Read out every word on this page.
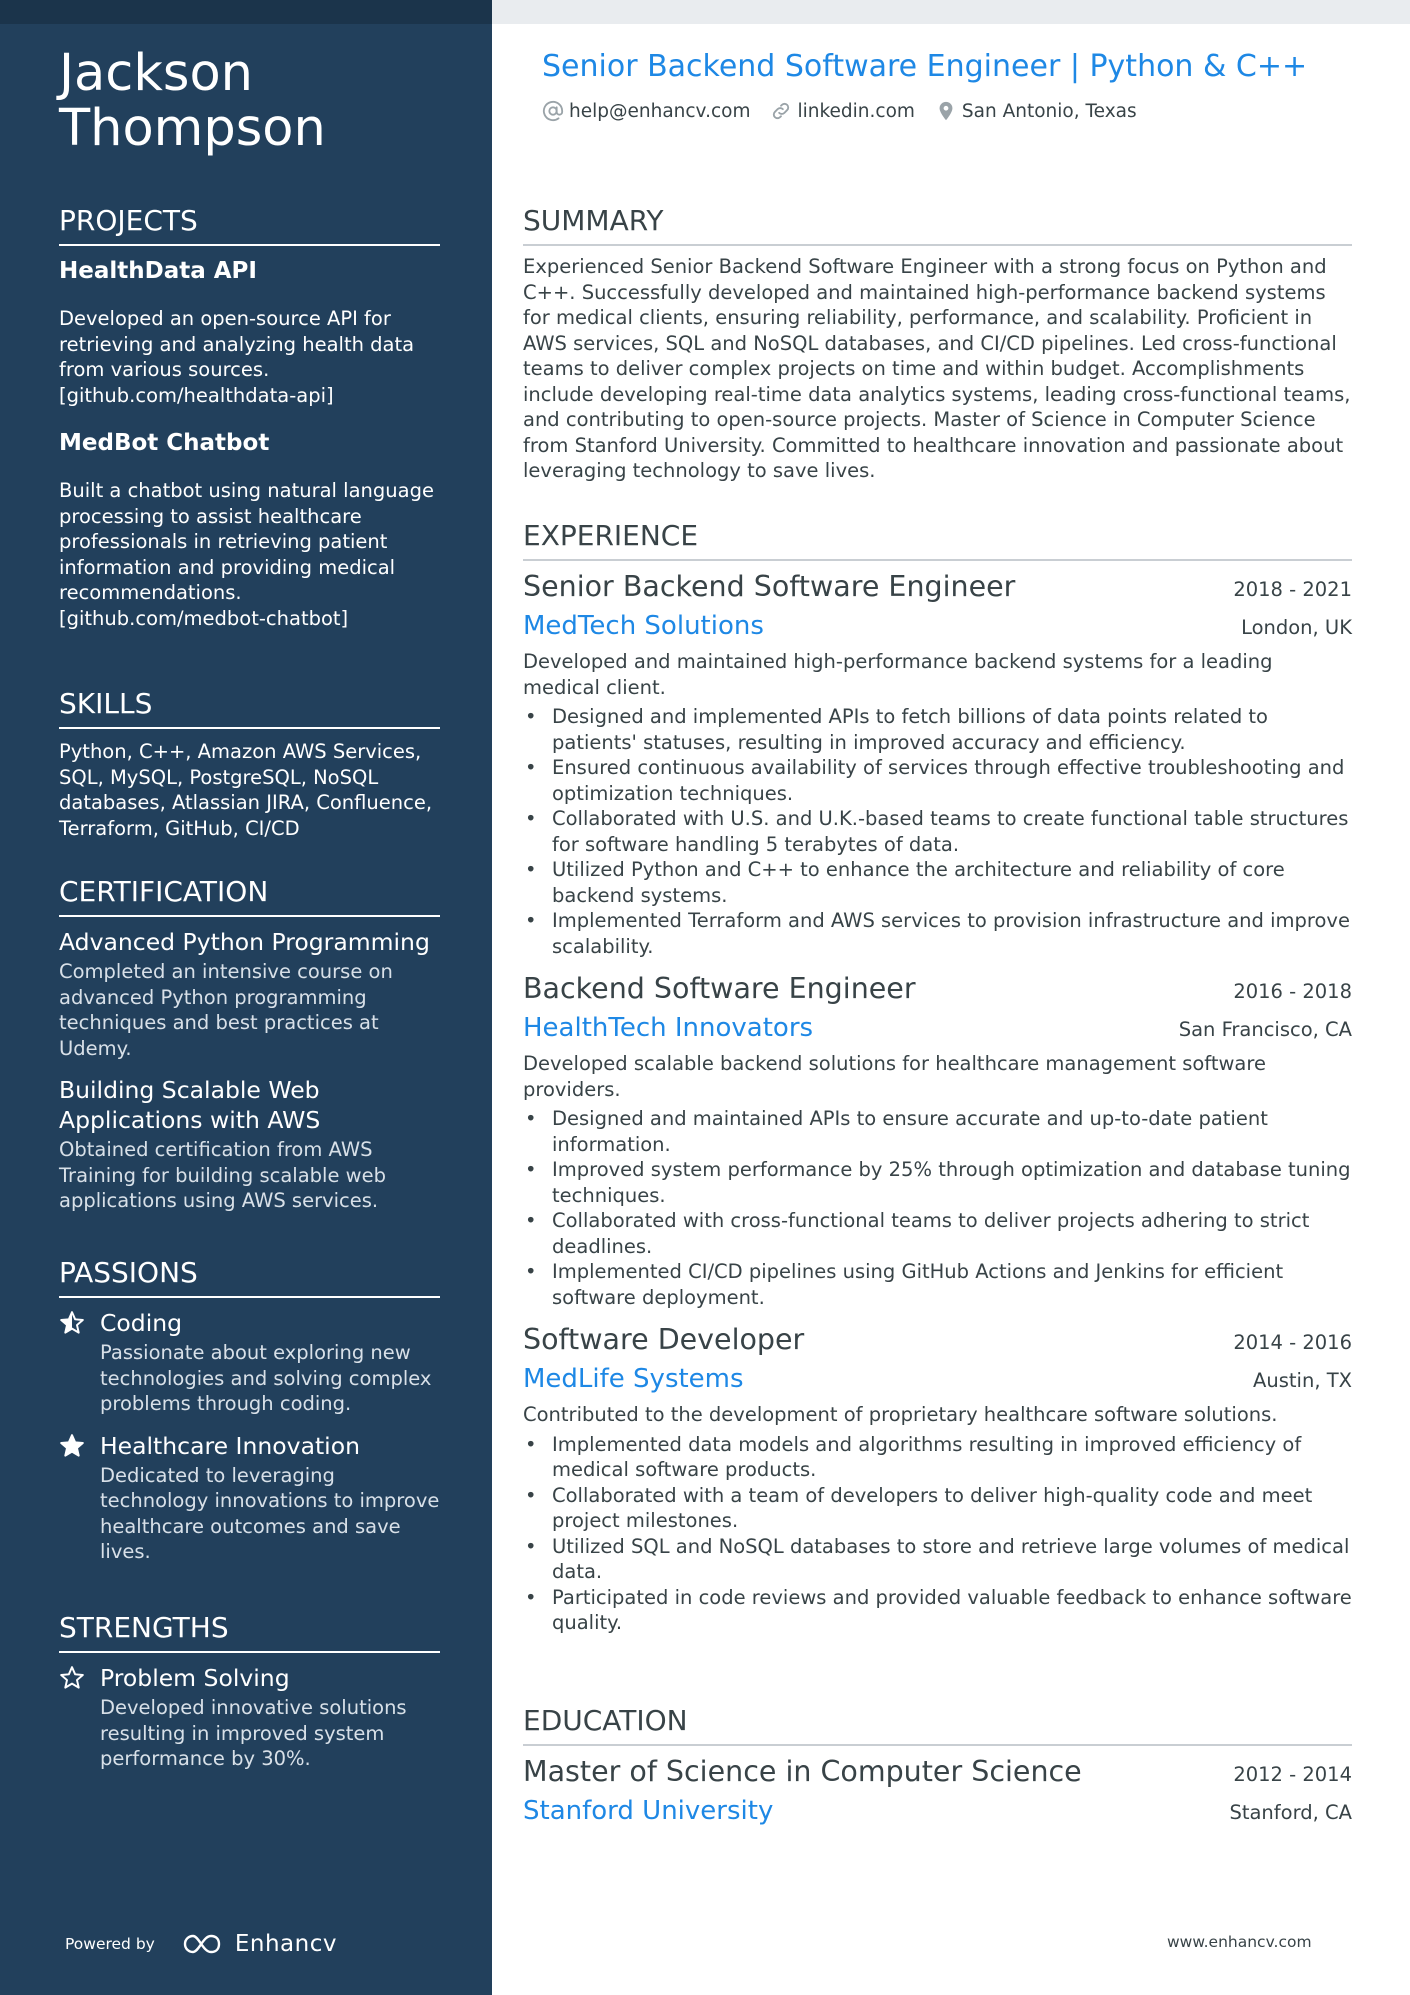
Jackson Thompson
PROJECTS
HealthData API
Developed an open-source API for retrieving and analyzing health data from various sources. [github.com/healthdata-api]
MedBot Chatbot
Built a chatbot using natural language processing to assist healthcare professionals in retrieving patient information and providing medical recommendations. [github.com/medbot-chatbot]
SKILLS
Python, C++, Amazon AWS Services, SQL, MySQL, PostgreSQL, NoSQL databases, Atlassian JIRA, Confluence, Terraform, GitHub, CI/CD
CERTIFICATION
Advanced Python Programming
Completed an intensive course on advanced Python programming techniques and best practices at Udemy.
Building Scalable Web Applications with AWS
Obtained certification from AWS Training for building scalable web applications using AWS services.
PASSIONS
Coding
Passionate about exploring new technologies and solving complex problems through coding.
Healthcare Innovation
Dedicated to leveraging technology innovations to improve healthcare outcomes and save lives.
STRENGTHS
Problem Solving
Developed innovative solutions resulting in improved system performance by 30%.
Powered by	Enhancv
Senior Backend Software Engineer | Python & C++
help@enhancv.com	linkedin.com	San Antonio, Texas
SUMMARY
Experienced Senior Backend Software Engineer with a strong focus on Python and C++. Successfully developed and maintained high-performance backend systems for medical clients, ensuring reliability, performance, and scalability. Proficient in AWS services, SQL and NoSQL databases, and CI/CD pipelines. Led cross-functional teams to deliver complex projects on time and within budget. Accomplishments include developing real-time data analytics systems, leading cross-functional teams, and contributing to open-source projects. Master of Science in Computer Science from Stanford University. Committed to healthcare innovation and passionate about leveraging technology to save lives.
EXPERIENCE
Senior Backend Software Engineer	2018 - 2021
MedTech Solutions	London, UK
Developed and maintained high-performance backend systems for a leading medical client.
• Designed and implemented APIs to fetch billions of data points related to patients' statuses, resulting in improved accuracy and efficiency.
• Ensured continuous availability of services through effective troubleshooting and optimization techniques.
• Collaborated with U.S. and U.K.-based teams to create functional table structures for software handling 5 terabytes of data.
• Utilized Python and C++ to enhance the architecture and reliability of core backend systems.
• Implemented Terraform and AWS services to provision infrastructure and improve scalability.
Backend Software Engineer	2016 - 2018
HealthTech Innovators	San Francisco, CA
Developed scalable backend solutions for healthcare management software providers.
• Designed and maintained APIs to ensure accurate and up-to-date patient information.
• Improved system performance by 25% through optimization and database tuning techniques.
• Collaborated with cross-functional teams to deliver projects adhering to strict deadlines.
• Implemented CI/CD pipelines using GitHub Actions and Jenkins for efficient software deployment.
Software Developer	2014 - 2016
MedLife Systems	Austin, TX
Contributed to the development of proprietary healthcare software solutions.
• Implemented data models and algorithms resulting in improved efficiency of medical software products.
• Collaborated with a team of developers to deliver high-quality code and meet project milestones.
• Utilized SQL and NoSQL databases to store and retrieve large volumes of medical data.
• Participated in code reviews and provided valuable feedback to enhance software quality.
EDUCATION
Master of Science in Computer Science	2012 - 2014
Stanford University	Stanford, CA
www.enhancv.com
